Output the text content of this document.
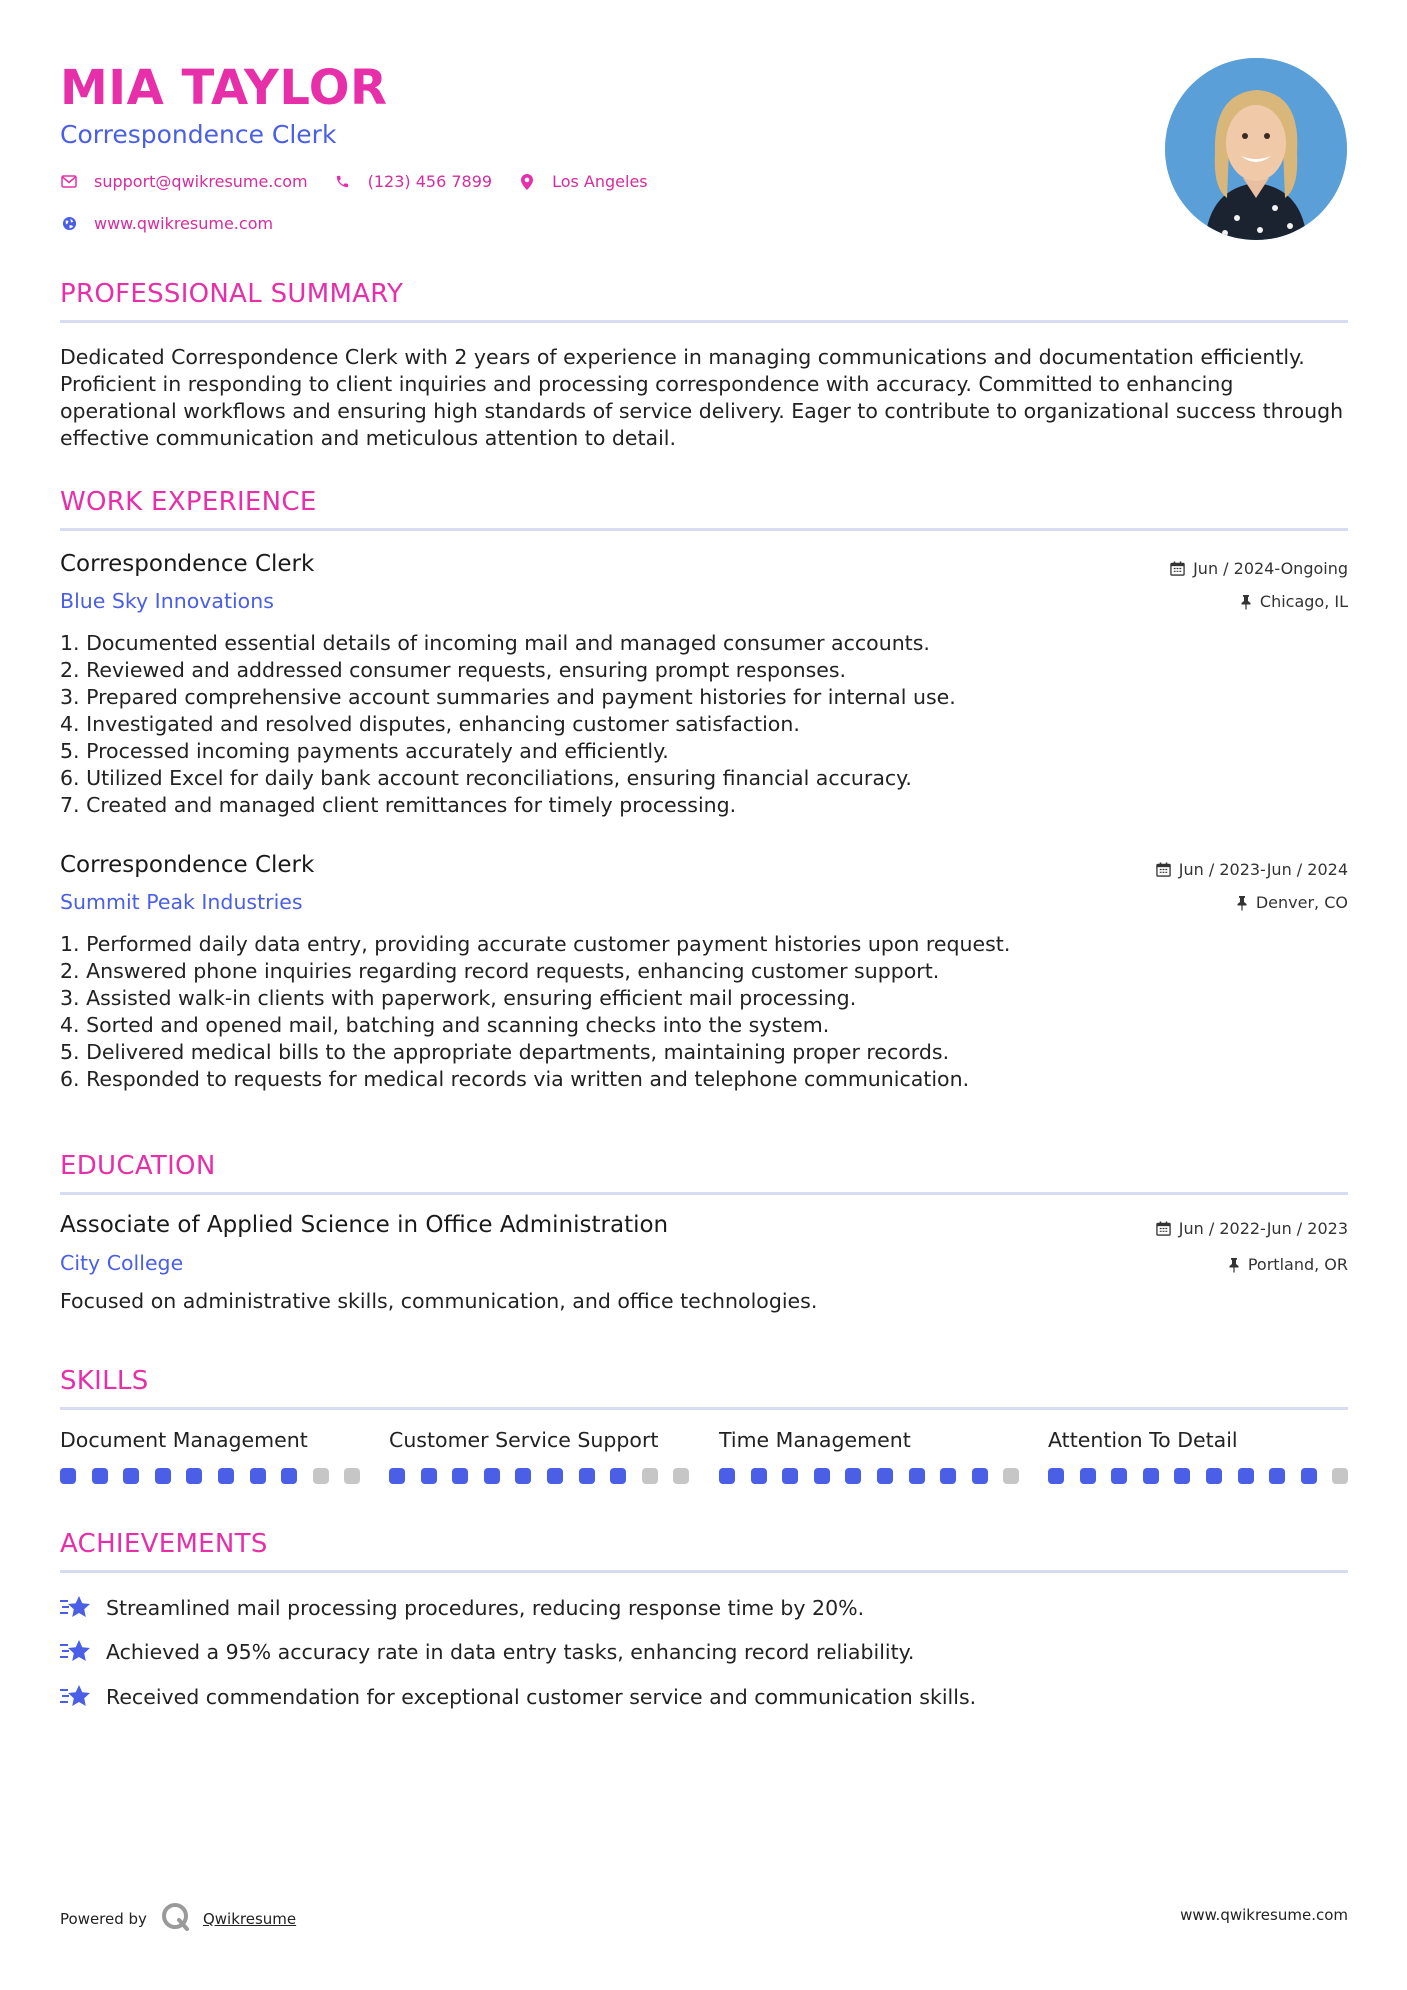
MIA TAYLOR

Correspondence Clerk

support@qwikresume.com	(123) 456 7899	Los Angeles
www.qwikresume.com
PROFESSIONAL SUMMARY

Dedicated Correspondence Clerk with 2 years of experience in managing communications and documentation efficiently. Proficient in responding to client inquiries and processing correspondence with accuracy. Committed to enhancing operational workflows and ensuring high standards of service delivery. Eager to contribute to organizational success through effective communication and meticulous attention to detail.

WORK EXPERIENCE

Correspondence Clerk

Blue Sky Innovations

Jun / 2024-Ongoing
Chicago, IL
1. Documented essential details of incoming mail and managed consumer accounts.
2. Reviewed and addressed consumer requests, ensuring prompt responses.
3. Prepared comprehensive account summaries and payment histories for internal use.
4. Investigated and resolved disputes, enhancing customer satisfaction.
5. Processed incoming payments accurately and efficiently.
6. Utilized Excel for daily bank account reconciliations, ensuring financial accuracy.
7. Created and managed client remittances for timely processing.

Correspondence Clerk

Summit Peak Industries

Jun / 2023-Jun / 2024
Denver, CO
1. Performed daily data entry, providing accurate customer payment histories upon request.
2. Answered phone inquiries regarding record requests, enhancing customer support.
3. Assisted walk-in clients with paperwork, ensuring efficient mail processing.
4. Sorted and opened mail, batching and scanning checks into the system.
5. Delivered medical bills to the appropriate departments, maintaining proper records.
6. Responded to requests for medical records via written and telephone communication.
EDUCATION

Associate of Applied Science in Office Administration

City College

Jun / 2022-Jun / 2023
Portland, OR

Focused on administrative skills, communication, and office technologies.

SKILLS

Document Management	Customer Service Support	Time Management	Attention To Detail

ACHIEVEMENTS
Streamlined mail processing procedures, reducing response time by 20%.
Achieved a 95% accuracy rate in data entry tasks, enhancing record reliability.
Received commendation for exceptional customer service and communication skills.
Powered by	Qwikresume	www.qwikresume.com
